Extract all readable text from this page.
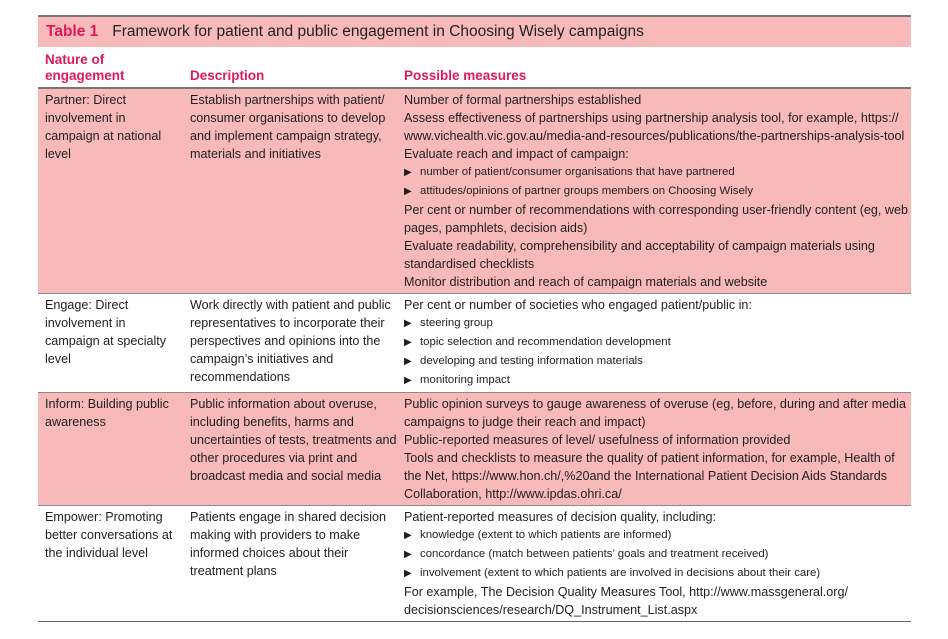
Table 1 Framework for patient and public engagement in Choosing Wisely campaigns
Nature of engagement	Description	Possible measures
Partner: Direct involvement in campaign at national level
Establish partnerships with patient/ consumer organisations to develop and implement campaign strategy, materials and initiatives
Number of formal partnerships established
Assess effectiveness of partnerships using partnership analysis tool, for example, https://
www.vichealth.vic.gov.au/media-and-resources/publications/the-partnerships-analysis-tool
Evaluate reach and impact of campaign:
▶ number of patient/consumer organisations that have partnered
▶ attitudes/opinions of partner groups members on Choosing Wisely
Per cent or number of recommendations with corresponding user-friendly content (eg, web
pages, pamphlets, decision aids)
Evaluate readability, comprehensibility and acceptability of campaign materials using
standardised checklists
Monitor distribution and reach of campaign materials and website
Engage: Direct involvement in campaign at specialty level
Work directly with patient and public representatives to incorporate their perspectives and opinions into the campaign’s initiatives and recommendations
Per cent or number of societies who engaged patient/public in:
▶ steering group
▶ topic selection and recommendation development
▶ developing and testing information materials
▶ monitoring impact
Inform: Building public awareness
Public information about overuse, including benefits, harms and uncertainties of tests, treatments and other procedures via print and broadcast media and social media
Public opinion surveys to gauge awareness of overuse (eg, before, during and after media
campaigns to judge their reach and impact)
Public-reported measures of level/ usefulness of information provided
Tools and checklists to measure the quality of patient information, for example, Health of
the Net, https://www.hon.ch/,%20and the International Patient Decision Aids Standards
Collaboration, http://www.ipdas.ohri.ca/
Empower: Promoting better conversations at the individual level
Patients engage in shared decision making with providers to make informed choices about their treatment plans
Patient-reported measures of decision quality, including:
▶ knowledge (extent to which patients are informed)
▶ concordance (match between patients’ goals and treatment received)
▶ involvement (extent to which patients are involved in decisions about their care)
For example, The Decision Quality Measures Tool, http://www.massgeneral.org/
decisionsciences/research/DQ_Instrument_List.aspx
